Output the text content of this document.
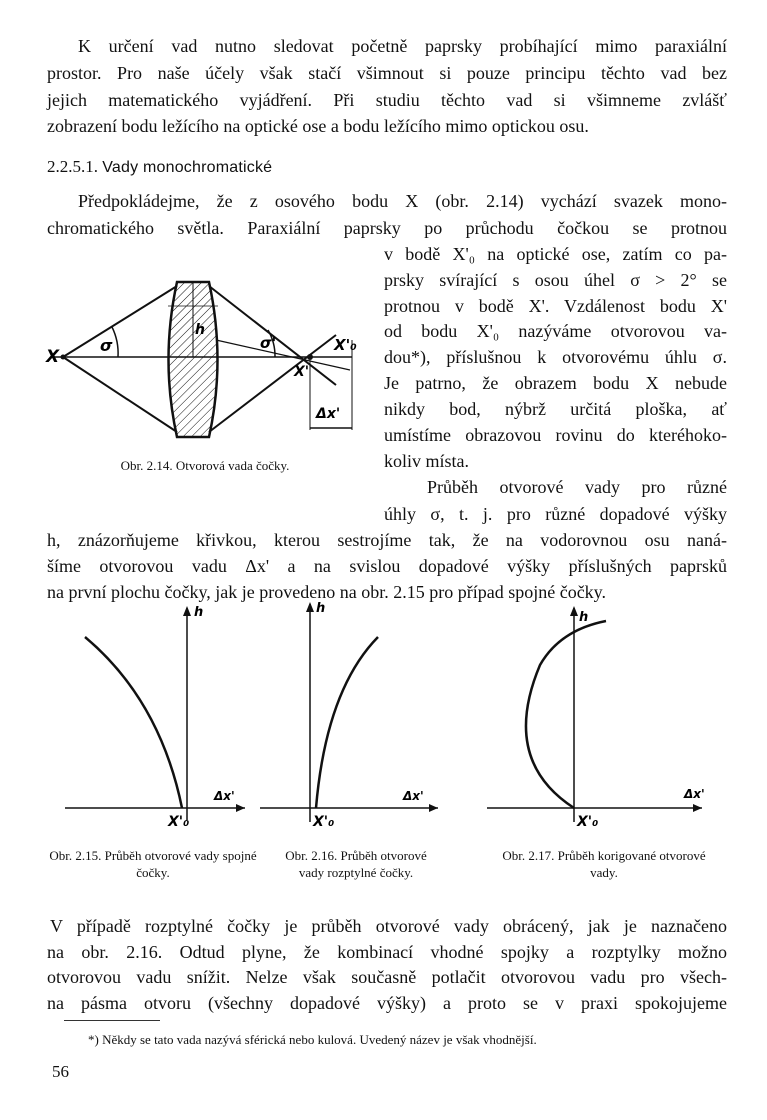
K určení vad nutno sledovat početně paprsky probíhající mimo paraxiální
prostor. Pro naše účely však stačí všimnout si pouze principu těchto vad bez
jejich matematického vyjádření. Při studiu těchto vad si všimneme zvlášť
zobrazení bodu ležícího na optické ose a bodu ležícího mimo optickou osu.
2.2.5.1. Vady monochromatické
Předpokládejme, že z osového bodu X (obr. 2.14) vychází svazek mono-
chromatického světla. Paraxiální paprsky po průchodu čočkou se protnou
v bodě X'₀ na optické ose, zatím co pa-
prsky svírající s osou úhel σ > 2° se
protnou v bodě X'. Vzdálenost bodu X'
od bodu X'₀ nazýváme otvorovou va-
dou*), příslušnou k otvorovému úhlu σ.
Je patrno, že obrazem bodu X nebude
nikdy bod, nýbrž určitá ploška, ať
umístíme obrazovou rovinu do kteréhoko-
koliv místa.
Průběh otvorové vady pro různé
úhly σ, t. j. pro různé dopadové výšky
h, znázorňujeme křivkou, kterou sestrojíme tak, že na vodorovnou osu naná-
šíme otvorovou vadu Δx' a na svislou dopadové výšky příslušných paprsků
na první plochu čočky, jak je provedeno na obr. 2.15 pro případ spojné čočky.
X
σ
h
σ'	X'₀
X'
Δx'
Obr. 2.14. Otvorová vada čočky.
h
Δx'
X'₀
h
Δx'
X'₀
h
Δx'
X'₀
Obr. 2.15. Průběh otvorové vady spojné čočky.
Obr. 2.16. Průběh otvorové vady rozptylné čočky.
Obr. 2.17. Průběh korigované otvorové vady.
V případě rozptylné čočky je průběh otvorové vady obrácený, jak je naznačeno
na obr. 2.16. Odtud plyne, že kombinací vhodné spojky a rozptylky možno
otvorovou vadu snížit. Nelze však současně potlačit otvorovou vadu pro všech-
na pásma otvoru (všechny dopadové výšky) a proto se v praxi spokojujeme
*) Někdy se tato vada nazývá sférická nebo kulová. Uvedený název je však vhodnější.
56
